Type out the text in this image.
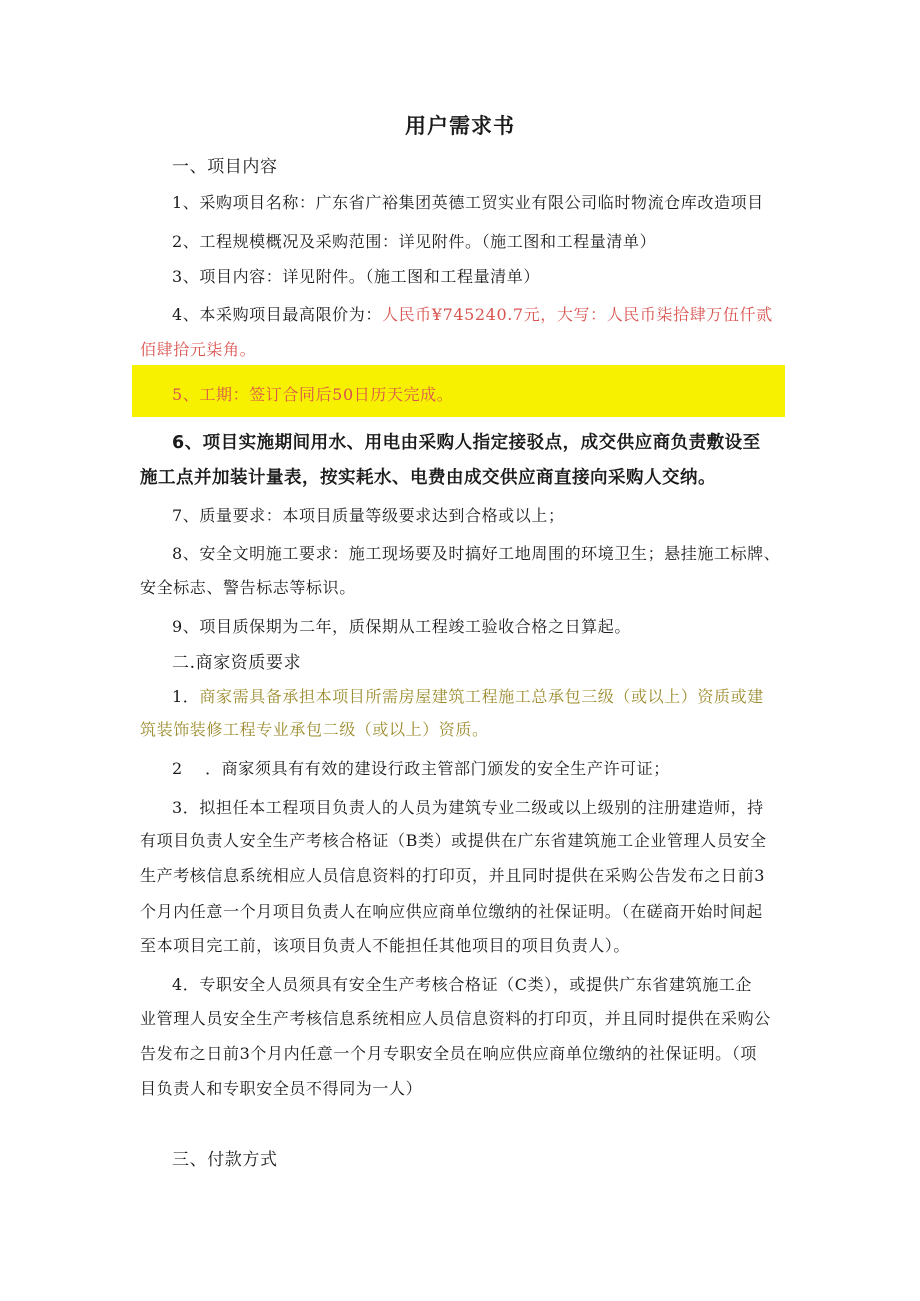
用户需求书
一、项目内容
1、采购项目名称：广东省广裕集团英德工贸实业有限公司临时物流仓库改造项目
2、工程规模概况及采购范围：详见附件。（施工图和工程量清单）
3、项目内容：详见附件。（施工图和工程量清单）
4、本采购项目最高限价为：人民币¥745240.7元，大写：人民币柒拾肆万伍仟贰
佰肆拾元柒角。
5、工期：签订合同后50日历天完成。
6、项目实施期间用水、用电由采购人指定接驳点，成交供应商负责敷设至
施工点并加装计量表，按实耗水、电费由成交供应商直接向采购人交纳。
7、质量要求：本项目质量等级要求达到合格或以上；
8、安全文明施工要求：施工现场要及时搞好工地周围的环境卫生；悬挂施工标牌、
安全标志、警告标志等标识。
9、项目质保期为二年，质保期从工程竣工验收合格之日算起。
二.商家资质要求
1．商家需具备承担本项目所需房屋建筑工程施工总承包三级（或以上）资质或建
筑装饰装修工程专业承包二级（或以上）资质。
2　 ．商家须具有有效的建设行政主管部门颁发的安全生产许可证；
3．拟担任本工程项目负责人的人员为建筑专业二级或以上级别的注册建造师，持
有项目负责人安全生产考核合格证（B类）或提供在广东省建筑施工企业管理人员安全
生产考核信息系统相应人员信息资料的打印页，并且同时提供在采购公告发布之日前3
个月内任意一个月项目负责人在响应供应商单位缴纳的社保证明。（在磋商开始时间起
至本项目完工前，该项目负责人不能担任其他项目的项目负责人）。
4．专职安全人员须具有安全生产考核合格证（C类），或提供广东省建筑施工企
业管理人员安全生产考核信息系统相应人员信息资料的打印页，并且同时提供在采购公
告发布之日前3个月内任意一个月专职安全员在响应供应商单位缴纳的社保证明。（项
目负责人和专职安全员不得同为一人）
三、付款方式
